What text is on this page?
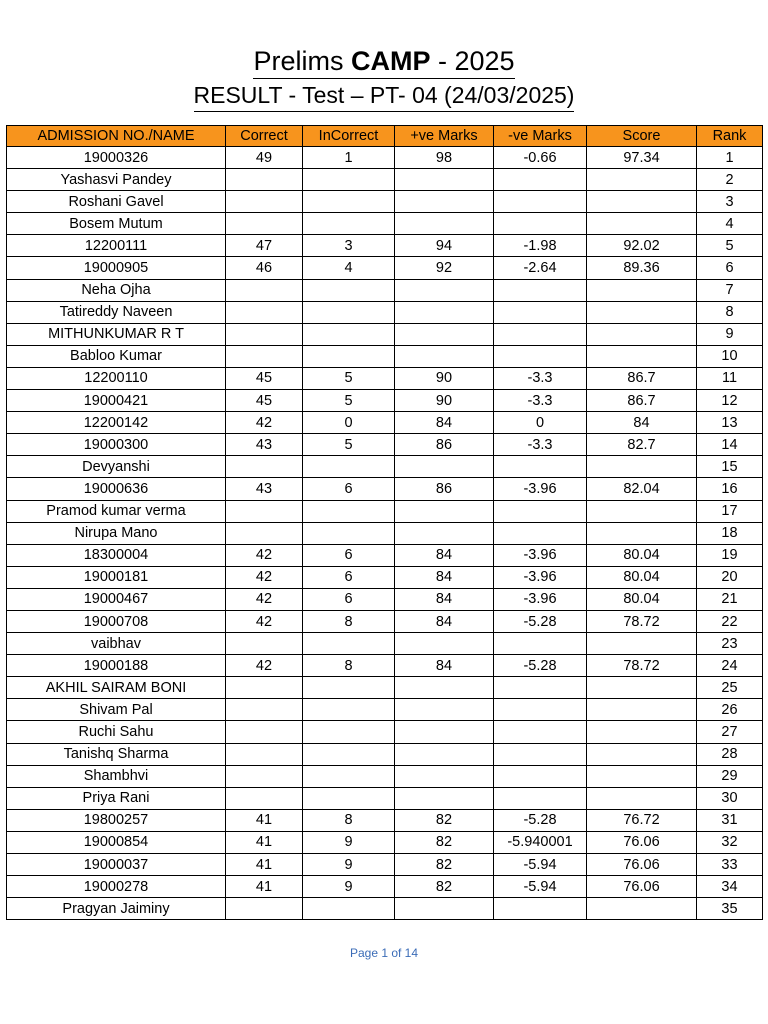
Prelims CAMP - 2025
RESULT - Test – PT- 04 (24/03/2025)
ADMISSION NO./NAME	Correct	InCorrect	+ve Marks	-ve Marks	Score	Rank
19000326	49	1	98	-0.66	97.34	1
Yashasvi Pandey						2
Roshani Gavel						3
Bosem Mutum						4
12200111	47	3	94	-1.98	92.02	5
19000905	46	4	92	-2.64	89.36	6
Neha Ojha						7
Tatireddy Naveen						8
MITHUNKUMAR R T						9
Babloo Kumar						10
12200110	45	5	90	-3.3	86.7	11
19000421	45	5	90	-3.3	86.7	12
12200142	42	0	84	0	84	13
19000300	43	5	86	-3.3	82.7	14
Devyanshi						15
19000636	43	6	86	-3.96	82.04	16
Pramod kumar verma						17
Nirupa Mano						18
18300004	42	6	84	-3.96	80.04	19
19000181	42	6	84	-3.96	80.04	20
19000467	42	6	84	-3.96	80.04	21
19000708	42	8	84	-5.28	78.72	22
vaibhav						23
19000188	42	8	84	-5.28	78.72	24
AKHIL SAIRAM BONI						25
Shivam Pal						26
Ruchi Sahu						27
Tanishq Sharma						28
Shambhvi						29
Priya Rani						30
19800257	41	8	82	-5.28	76.72	31
19000854	41	9	82	-5.940001	76.06	32
19000037	41	9	82	-5.94	76.06	33
19000278	41	9	82	-5.94	76.06	34
Pragyan Jaiminy						35
Page 1 of 14
